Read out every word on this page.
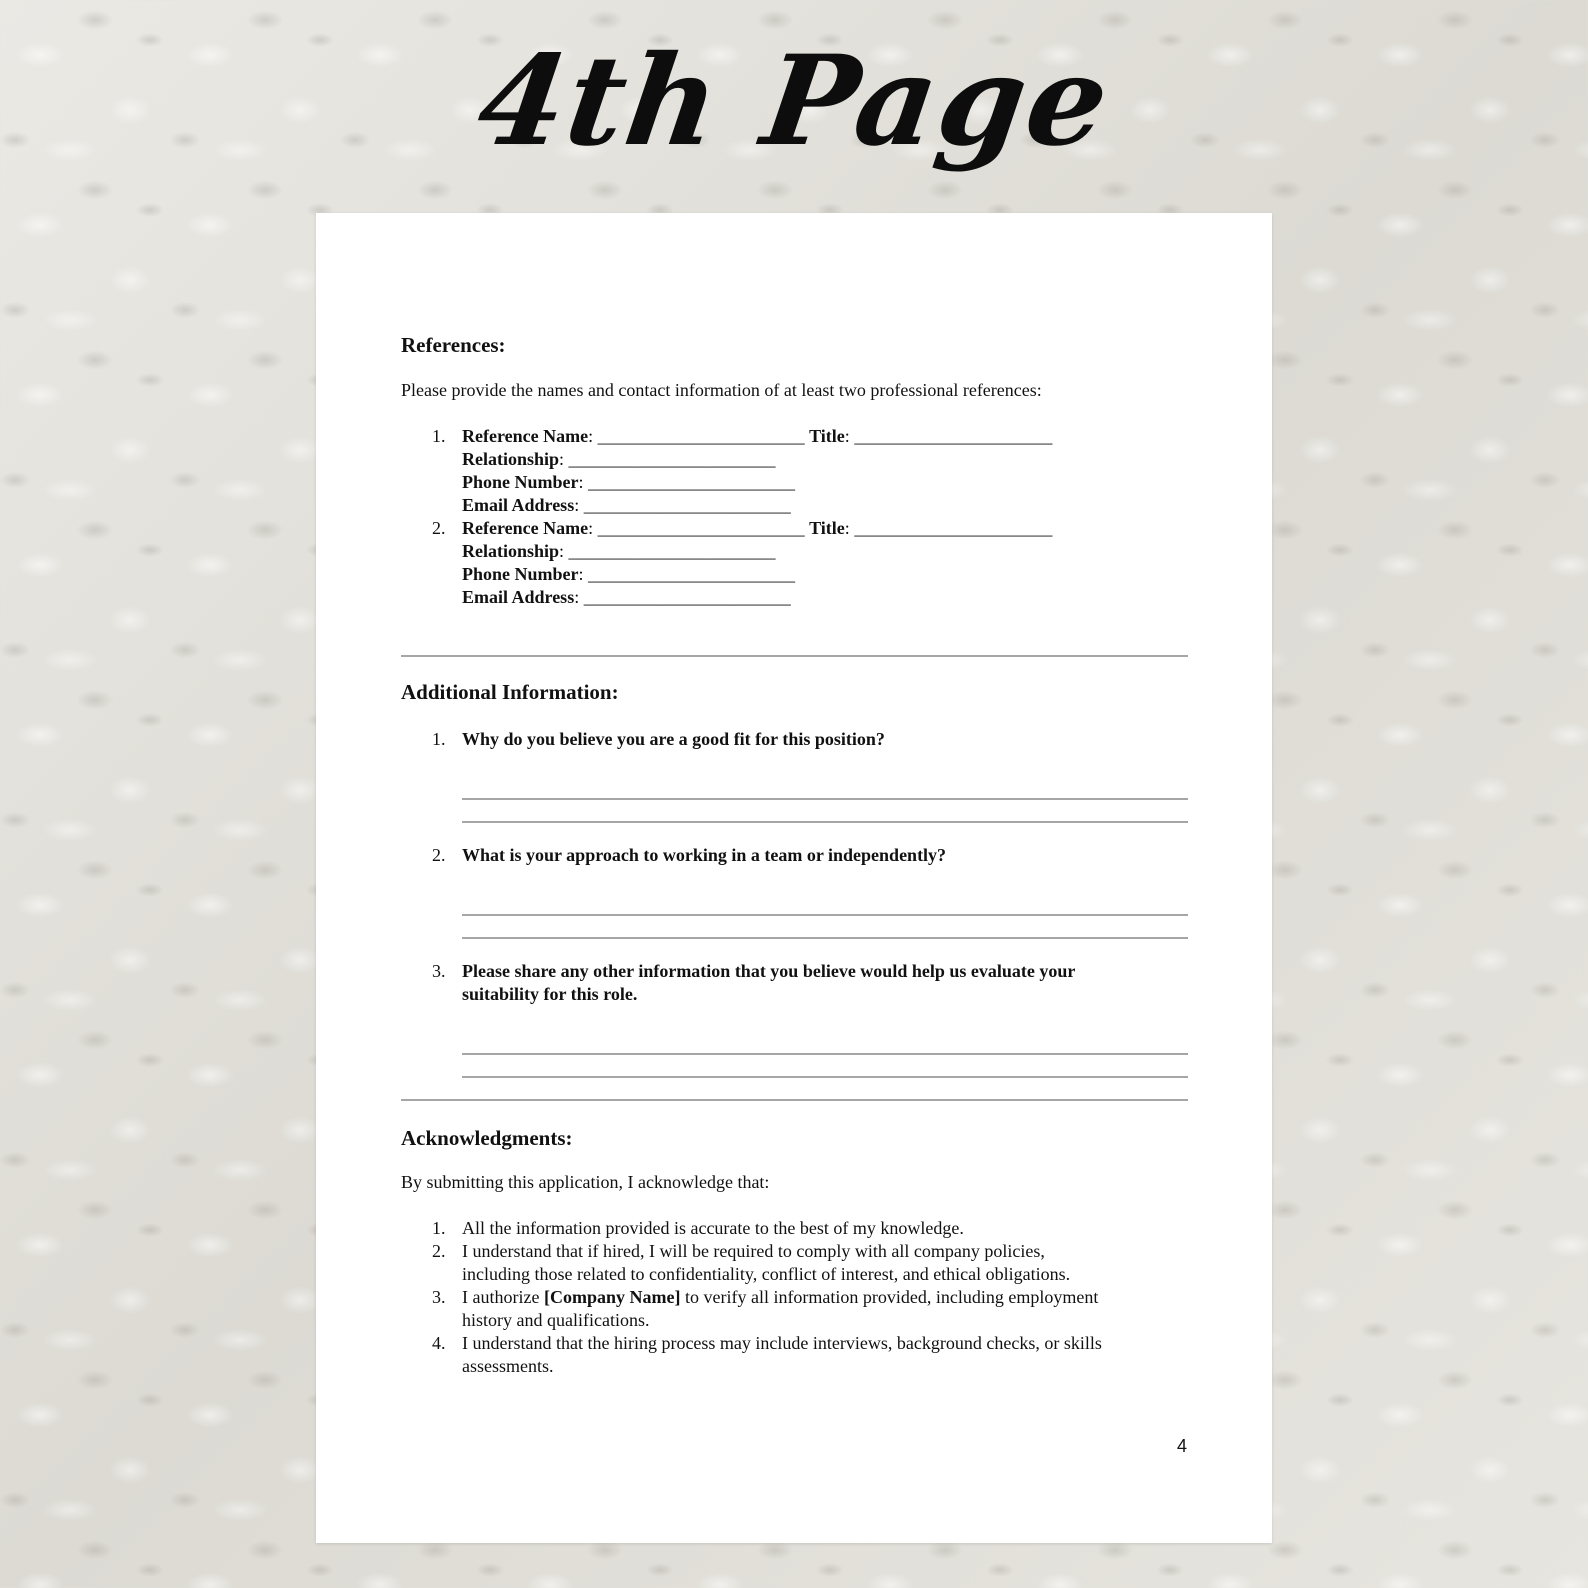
4th Page
References:
Please provide the names and contact information of at least two professional references:
1. Reference Name: _______________________ Title: ______________________
Relationship: _______________________
Phone Number: _______________________
Email Address: _______________________
2. Reference Name: _______________________ Title: ______________________
Relationship: _______________________
Phone Number: _______________________
Email Address: _______________________
Additional Information:
1. Why do you believe you are a good fit for this position?
2. What is your approach to working in a team or independently?
3. Please share any other information that you believe would help us evaluate your
suitability for this role.
Acknowledgments:
By submitting this application, I acknowledge that:
1. All the information provided is accurate to the best of my knowledge.
2. I understand that if hired, I will be required to comply with all company policies,
including those related to confidentiality, conflict of interest, and ethical obligations.
3. I authorize [Company Name] to verify all information provided, including employment
history and qualifications.
4. I understand that the hiring process may include interviews, background checks, or skills
assessments.
4
